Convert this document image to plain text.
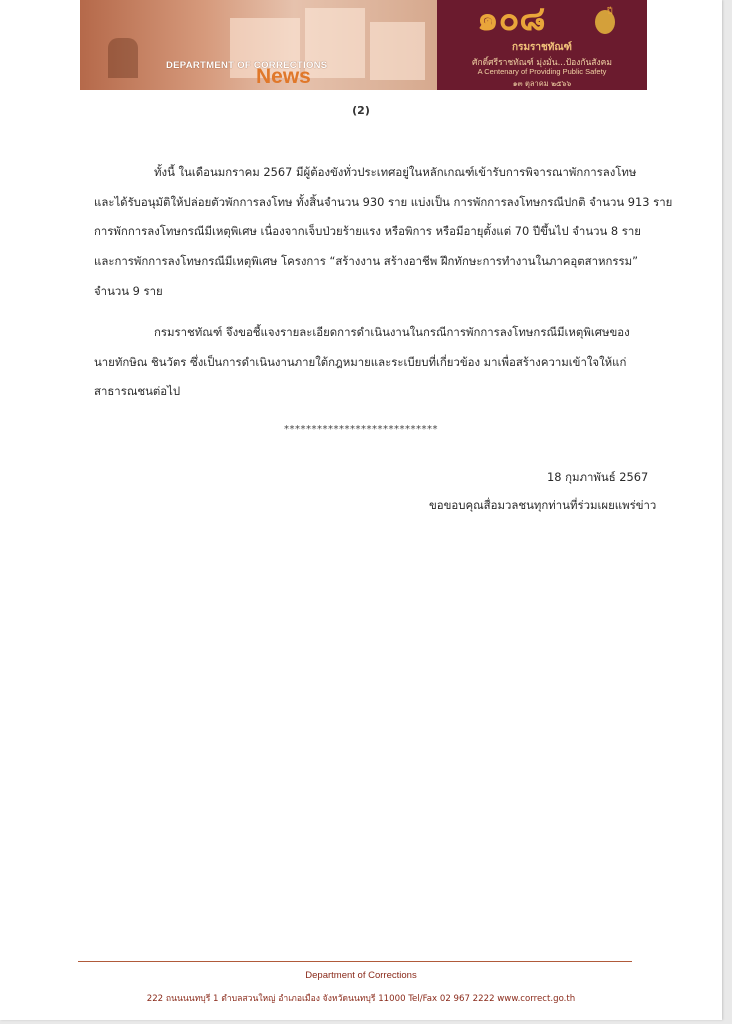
DEPARTMENT OF CORRECTIONS
News
๑๐๘	ปี
กรมราชทัณฑ์
ศักดิ์ศรีราชทัณฑ์ มุ่งมั่น...ป้องกันสังคม
A Centenary of Providing Public Safety
๑๓ ตุลาคม ๒๕๖๖
(2)
ทั้งนี้ ในเดือนมกราคม 2567 มีผู้ต้องขังทั่วประเทศอยู่ในหลักเกณฑ์เข้ารับการพิจารณาพักการลงโทษ
และได้รับอนุมัติให้ปล่อยตัวพักการลงโทษ ทั้งสิ้นจำนวน 930 ราย แบ่งเป็น การพักการลงโทษกรณีปกติ จำนวน 913 ราย
การพักการลงโทษกรณีมีเหตุพิเศษ เนื่องจากเจ็บป่วยร้ายแรง หรือพิการ หรือมีอายุตั้งแต่ 70 ปีขึ้นไป จำนวน 8 ราย
และการพักการลงโทษกรณีมีเหตุพิเศษ โครงการ “สร้างงาน สร้างอาชีพ ฝึกทักษะการทำงานในภาคอุตสาหกรรม”
จำนวน 9 ราย
กรมราชทัณฑ์ จึงขอชี้แจงรายละเอียดการดำเนินงานในกรณีการพักการลงโทษกรณีมีเหตุพิเศษของ
นายทักษิณ ชินวัตร ซึ่งเป็นการดำเนินงานภายใต้กฎหมายและระเบียบที่เกี่ยวข้อง มาเพื่อสร้างความเข้าใจให้แก่
สาธารณชนต่อไป
****************************
18 กุมภาพันธ์ 2567
ขอขอบคุณสื่อมวลชนทุกท่านที่ร่วมเผยแพร่ข่าว
Department of Corrections
222 ถนนนนทบุรี 1 ตำบลสวนใหญ่ อำเภอเมือง จังหวัดนนทบุรี 11000 Tel/Fax 02 967 2222 www.correct.go.th
